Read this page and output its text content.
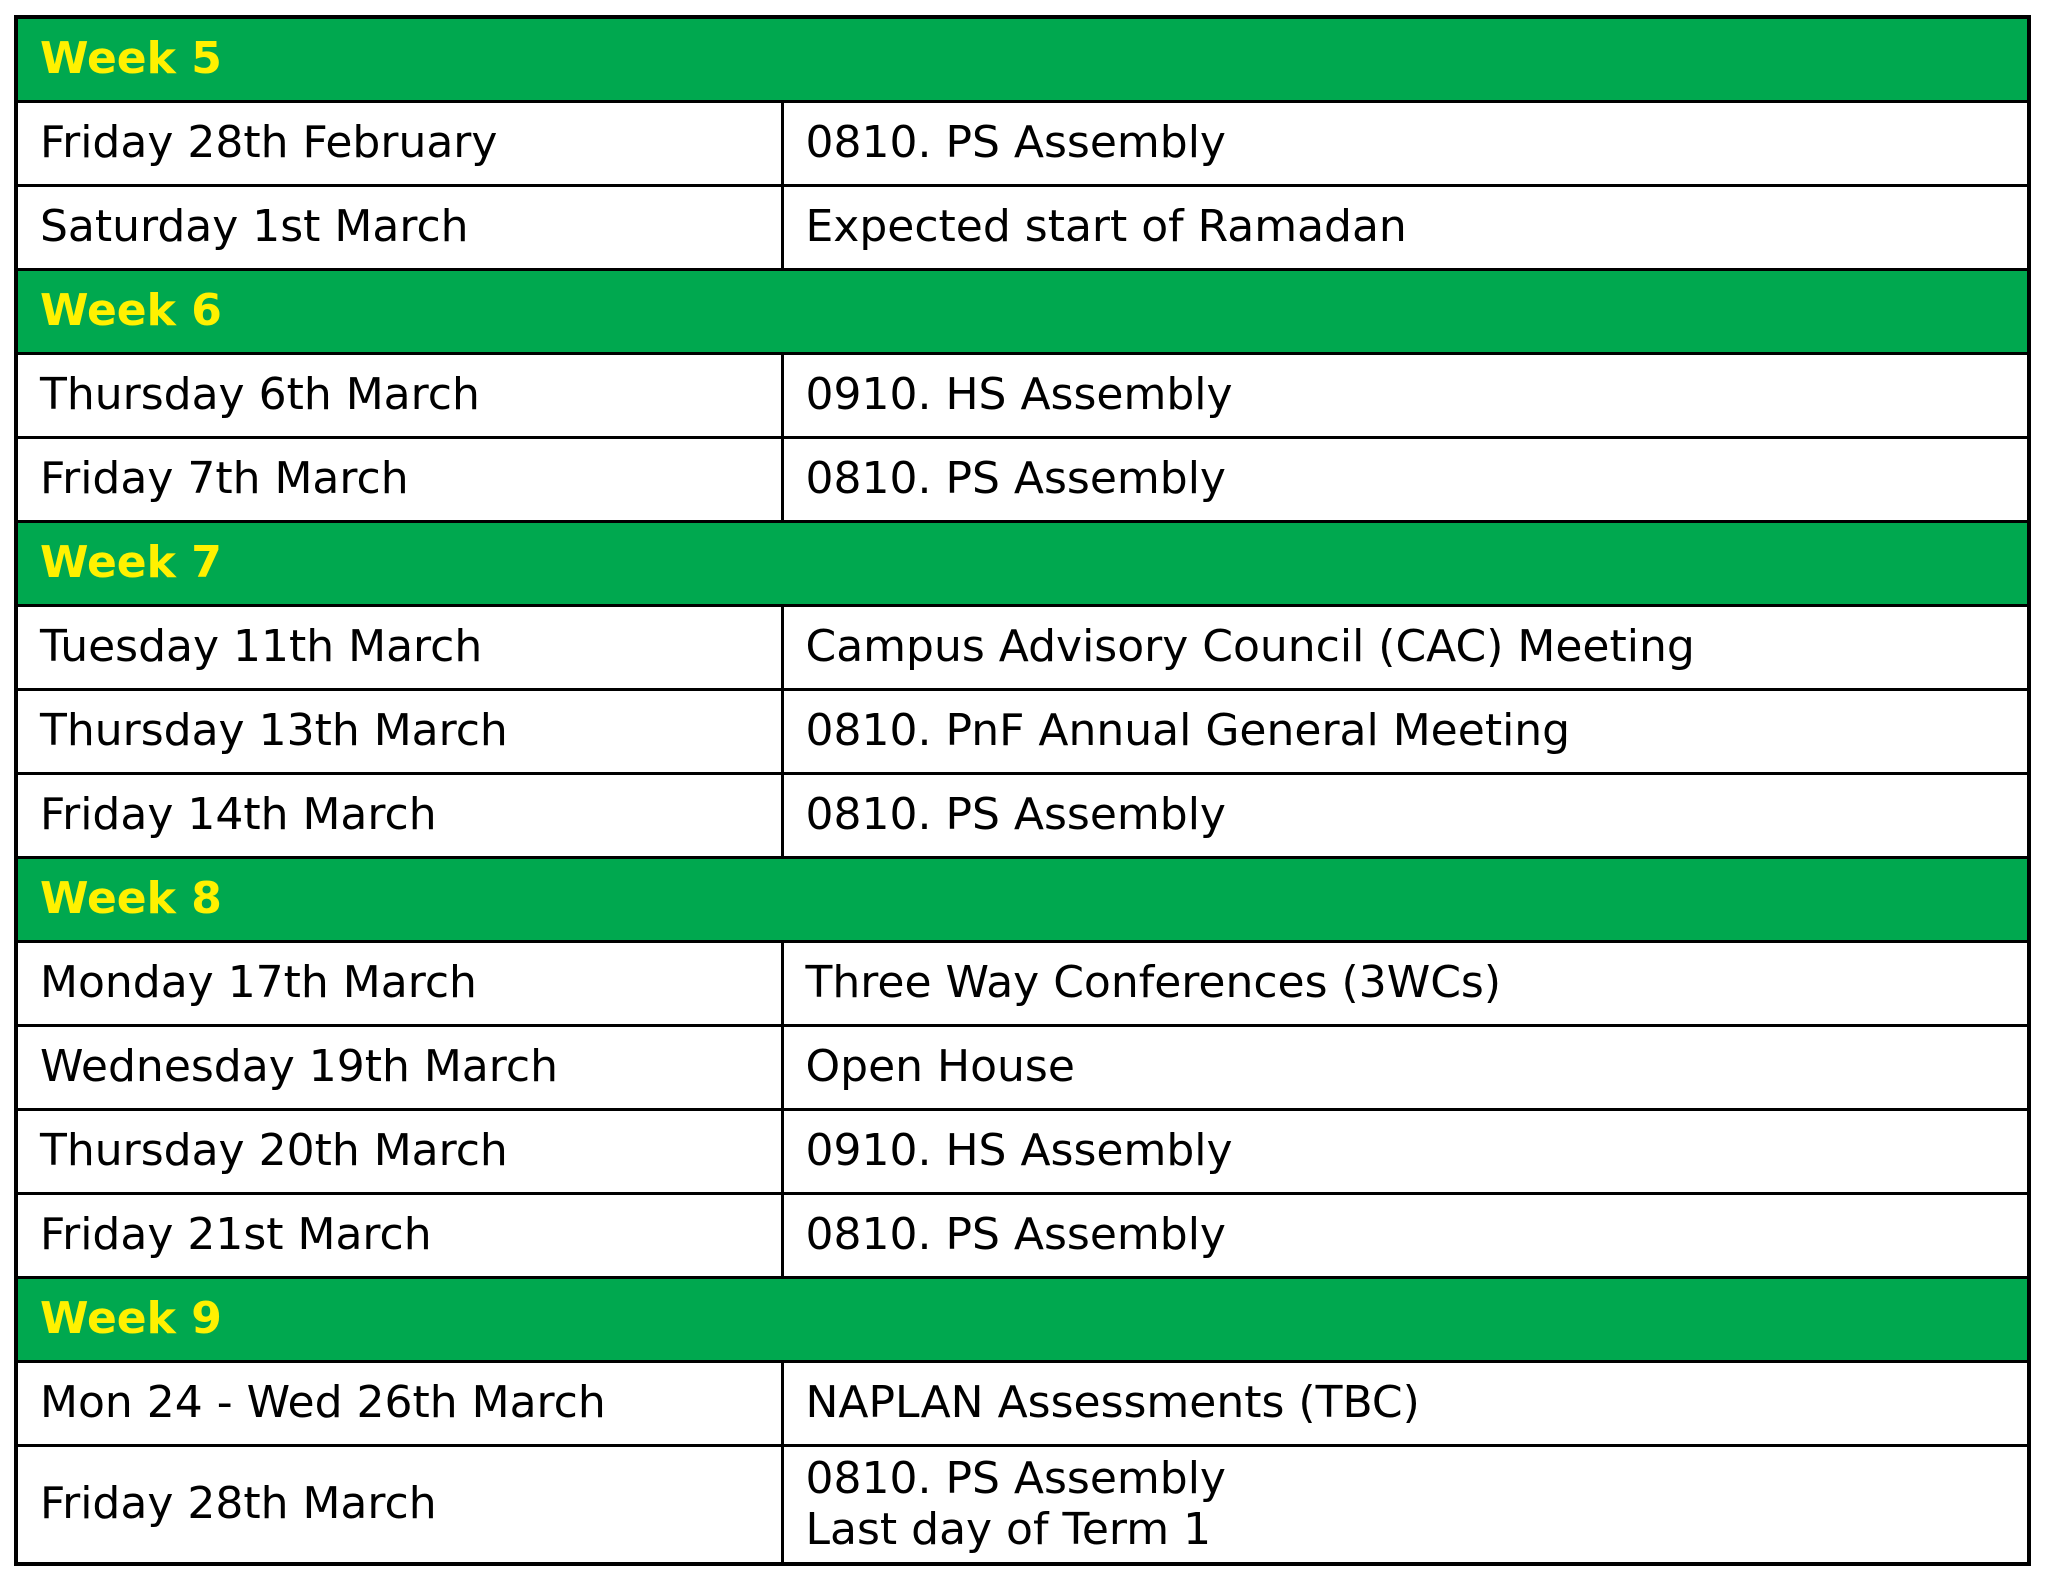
Week 5	
Friday 28th February	0810. PS Assembly

Saturday 1st March	Expected start of Ramadan

Week 6	
Thursday 6th March	0910. HS Assembly

Friday 7th March	0810. PS Assembly

Week 7	
Tuesday 11th March	Campus Advisory Council (CAC) Meeting

Thursday 13th March	0810. PnF Annual General Meeting

Friday 14th March	0810. PS Assembly

Week 8	
Monday 17th March	Three Way Conferences (3WCs)

Wednesday 19th March	Open House

Thursday 20th March	0910. HS Assembly

Friday 21st March	0810. PS Assembly

Week 9	
Mon 24 - Wed 26th March	NAPLAN Assessments (TBC)

Friday 28th March	0810. PS Assembly
Last day of Term 1
